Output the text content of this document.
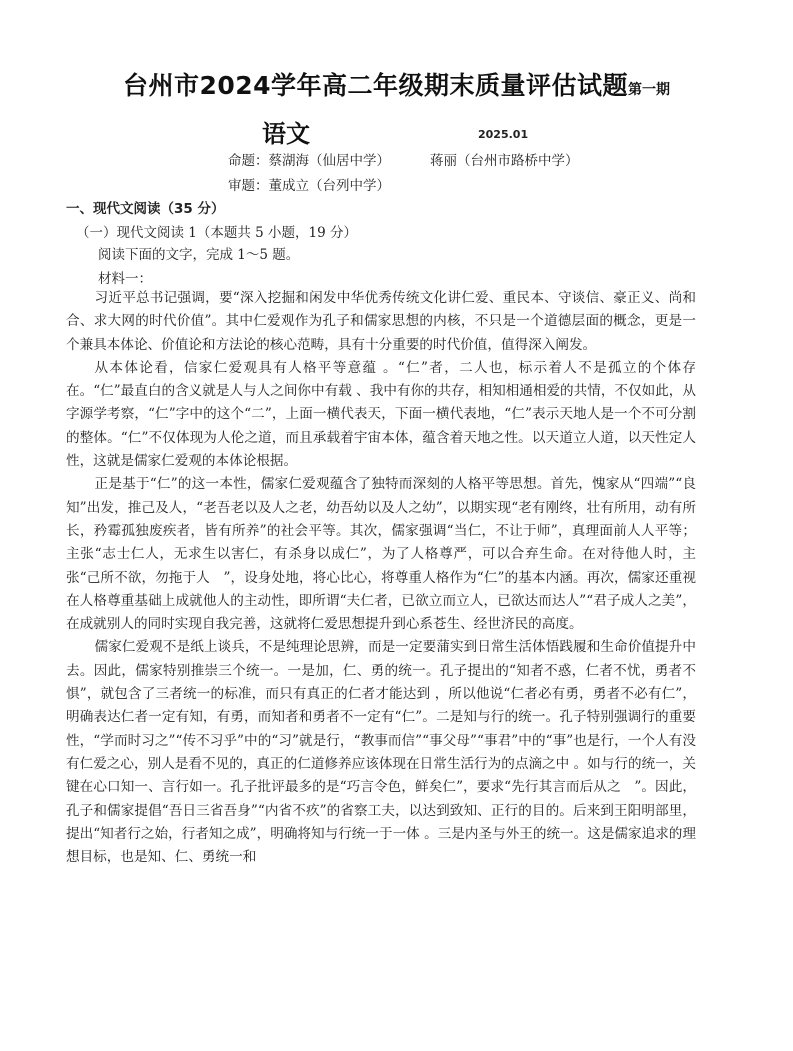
台州市2024学年高二年级期末质量评估试题第一期
语文	2025.01
命题：蔡湖海（仙居中学）	蒋丽（台州市路桥中学）
审题：董成立（台列中学）
一、现代文阅读（35 分）
（一）现代文阅读 1（本题共 5 小题，19 分）
阅读下面的文字，完成 1～5 题。
材料一：

习近平总书记强调，要“深入挖掘和闲发中华优秀传统文化讲仁爱、重民本、守谈信、豪正义、尚和合、求大网的时代价值”。其中仁爱观作为孔子和儒家思想的内核，不只是一个道德层面的概念，更是一个兼具本体论、价值论和方法论的核心范畴，具有十分重要的时代价值，值得深入阐发。

从本体论看，信家仁爱观具有人格平等意蕴 。“仁”者，二人也，标示着人不是孤立的个体存在。“仁”最直白的含义就是人与人之间你中有载 、我中有你的共存，相知相通相爱的共情，不仅如此，从字源学考察，“仁”字中的这个“二”，上面一横代表天，下面一横代表地，“仁”表示天地人是一个不可分割的整体。“仁”不仅体现为人伦之道，而且承载着宇宙本体，蕴含着天地之性。以天道立人道，以天性定人性，这就是儒家仁爱观的本体论根据。

正是基于“仁”的这一本性，儒家仁爱观蕴含了独特而深刻的人格平等思想。首先，愧家从“四端”“良知”出发，推己及人，“老吾老以及人之老，幼吾幼以及人之幼”，以期实现“老有刚终，壮有所用，动有所长，矜霉孤独废疾者，皆有所养”的社会平等。其次，儒家强调“当仁，不让于师”，真理面前人人平等；主张“志士仁人，无求生以害仁，有杀身以成仁”，为了人格尊严，可以合弃生命。在对待他人时，主张“己所不欲，勿拖于人　”，设身处地，将心比心，将尊重人格作为“仁”的基本内涵。再次，儒家还重视在人格尊重基础上成就他人的主动性，即所谓“夫仁者，已欲立而立人，已欲达而达人”“君子成人之美”，在成就别人的同时实现自我完善，这就将仁爱思想提升到心系苍生、经世济民的高度。

儒家仁爱观不是纸上谈兵，不是纯理论思辨，而是一定要蒲实到日常生活体悟践履和生命价值提升中去。因此，儒家特别推崇三个统一。一是加，仁、勇的统一。孔子提出的“知者不惑，仁者不忧，勇者不惧”，就包含了三者统一的标准，而只有真正的仁者才能达到 ，所以他说“仁者必有勇，勇者不必有仁”，明确表达仁者一定有知，有勇，而知者和勇者不一定有“仁”。二是知与行的统一。孔子特别强调行的重要性，“学而时习之”“传不习乎”中的“习”就是行，“教事而信”“事父母”“事君”中的“事”也是行，一个人有没有仁爱之心，别人是看不见的，真正的仁道修养应该体现在日常生活行为的点滴之中 。如与行的统一，关键在心口知一、言行如一。孔子批评最多的是“巧言令色，鲜矣仁”，要求“先行其言而后从之　”。因此，孔子和儒家提倡“吾日三省吾身”“内省不疚”的省察工夫，以达到致知、正行的目的。后来到王阳明部里，提出“知者行之始，行者知之成”，明确将知与行统一于一体 。三是内圣与外王的统一。这是儒家追求的理想目标，也是知、仁、勇统一和
